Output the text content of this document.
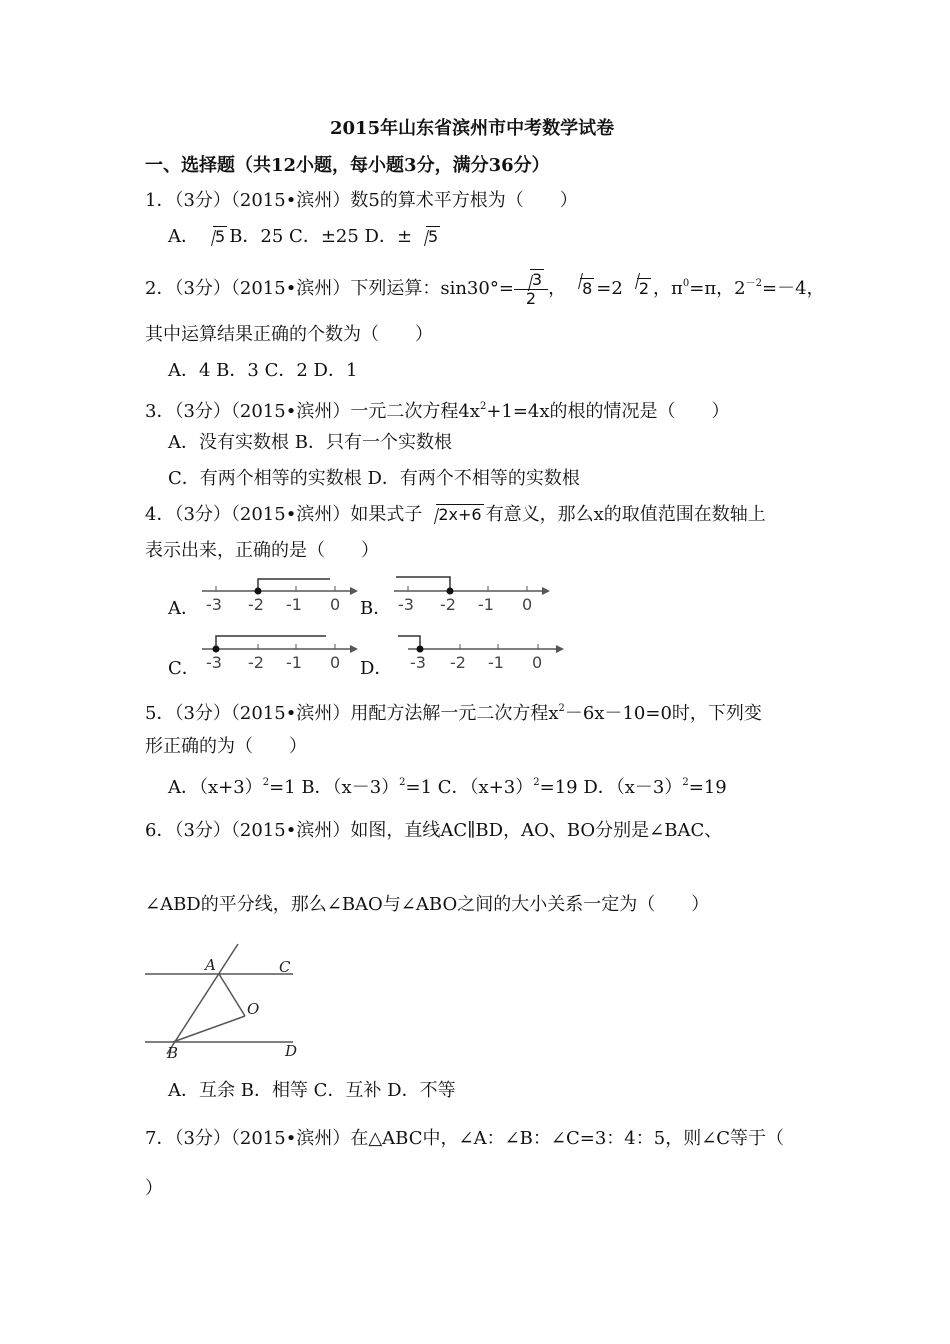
2015年山东省滨州市中考数学试卷
一、选择题（共12小题，每小题3分，满分36分）
1．（3分）（2015•滨州）数5的算术平方根为（　　）
A． 5 B．25 C．±25 D．± 5
2．（3分）（2015•滨州）下列运算：$\sin 30^\circ= \frac{3}{2}$ ， 8 =2 2 ，$\pi^0=\pi$，$2^{-2}=-4$，
其中运算结果正确的个数为（　　）
A．4 B．3 C．2 D．1
3．（3分）（2015•滨州）一元二次方程$4x^2+1=4x$的根的情况是（　　）
A．没有实数根 B．只有一个实数根
C．有两个相等的实数根 D．有两个不相等的实数根
4．（3分）（2015•滨州）如果式子 2x+6 有意义，那么x的取值范围在数轴上
表示出来，正确的是（　　）
A．	B．
C．	D．
-3 -2 -1 0	-3 -2 -1 0
-3 -2 -1 0	-3 -2 -1 0
5．（3分）（2015•滨州）用配方法解一元二次方程$x^2-6x-10=0$时，下列变
形正确的为（　　）
A．$(x+3)^2=1$ B．$(x-3)^2=1$ C．$(x+3)^2=19$ D．$(x-3)^2=19$
6．（3分）（2015•滨州）如图，直线AC∥BD，AO、BO分别是∠BAC、
∠ABD的平分线，那么∠BAO与∠ABO之间的大小关系一定为（　　）
A	C
O
B	D
A．互余 B．相等 C．互补 D．不等
7．（3分）（2015•滨州）在△ABC中，∠A：∠B：∠C=3：4：5，则∠C等于（
）
